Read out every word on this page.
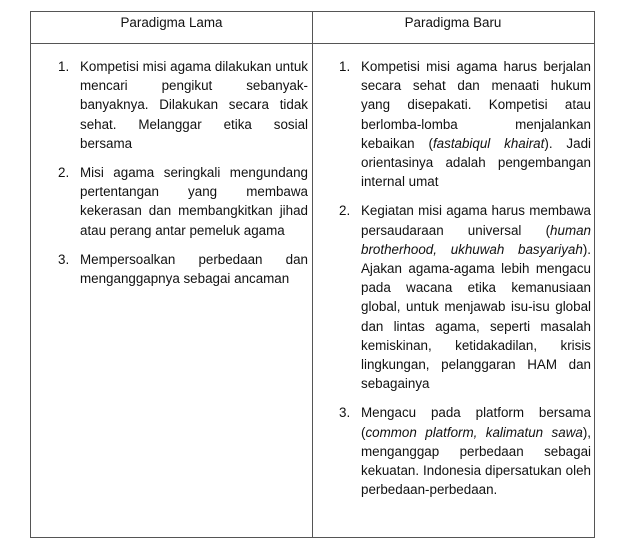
Paradigma Lama	Paradigma Baru
1. Kompetisi misi agama dilakukan untuk mencari pengikut sebanyak-banyaknya. Dilakukan secara tidak sehat. Melanggar etika sosial bersama
2. Misi agama seringkali mengundang pertentangan yang membawa kekerasan dan membangkitkan jihad atau perang antar pemeluk agama
3. Mempersoalkan perbedaan dan menganggapnya sebagai ancaman
1. Kompetisi misi agama harus berjalan secara sehat dan menaati hukum yang disepakati. Kompetisi atau berlomba-lomba menjalankan kebaikan (fastabiqul khairat). Jadi orientasinya adalah pengembangan internal umat
2. Kegiatan misi agama harus membawa persaudaraan universal (human brotherhood, ukhuwah basyariyah). Ajakan agama-agama lebih mengacu pada wacana etika kemanusiaan global, untuk menjawab isu-isu global dan lintas agama, seperti masalah kemiskinan, ketidakadilan, krisis lingkungan, pelanggaran HAM dan sebagainya
3. Mengacu pada platform bersama (common platform, kalimatun sawa), menganggap perbedaan sebagai kekuatan. Indonesia dipersatukan oleh perbedaan-perbedaan.
